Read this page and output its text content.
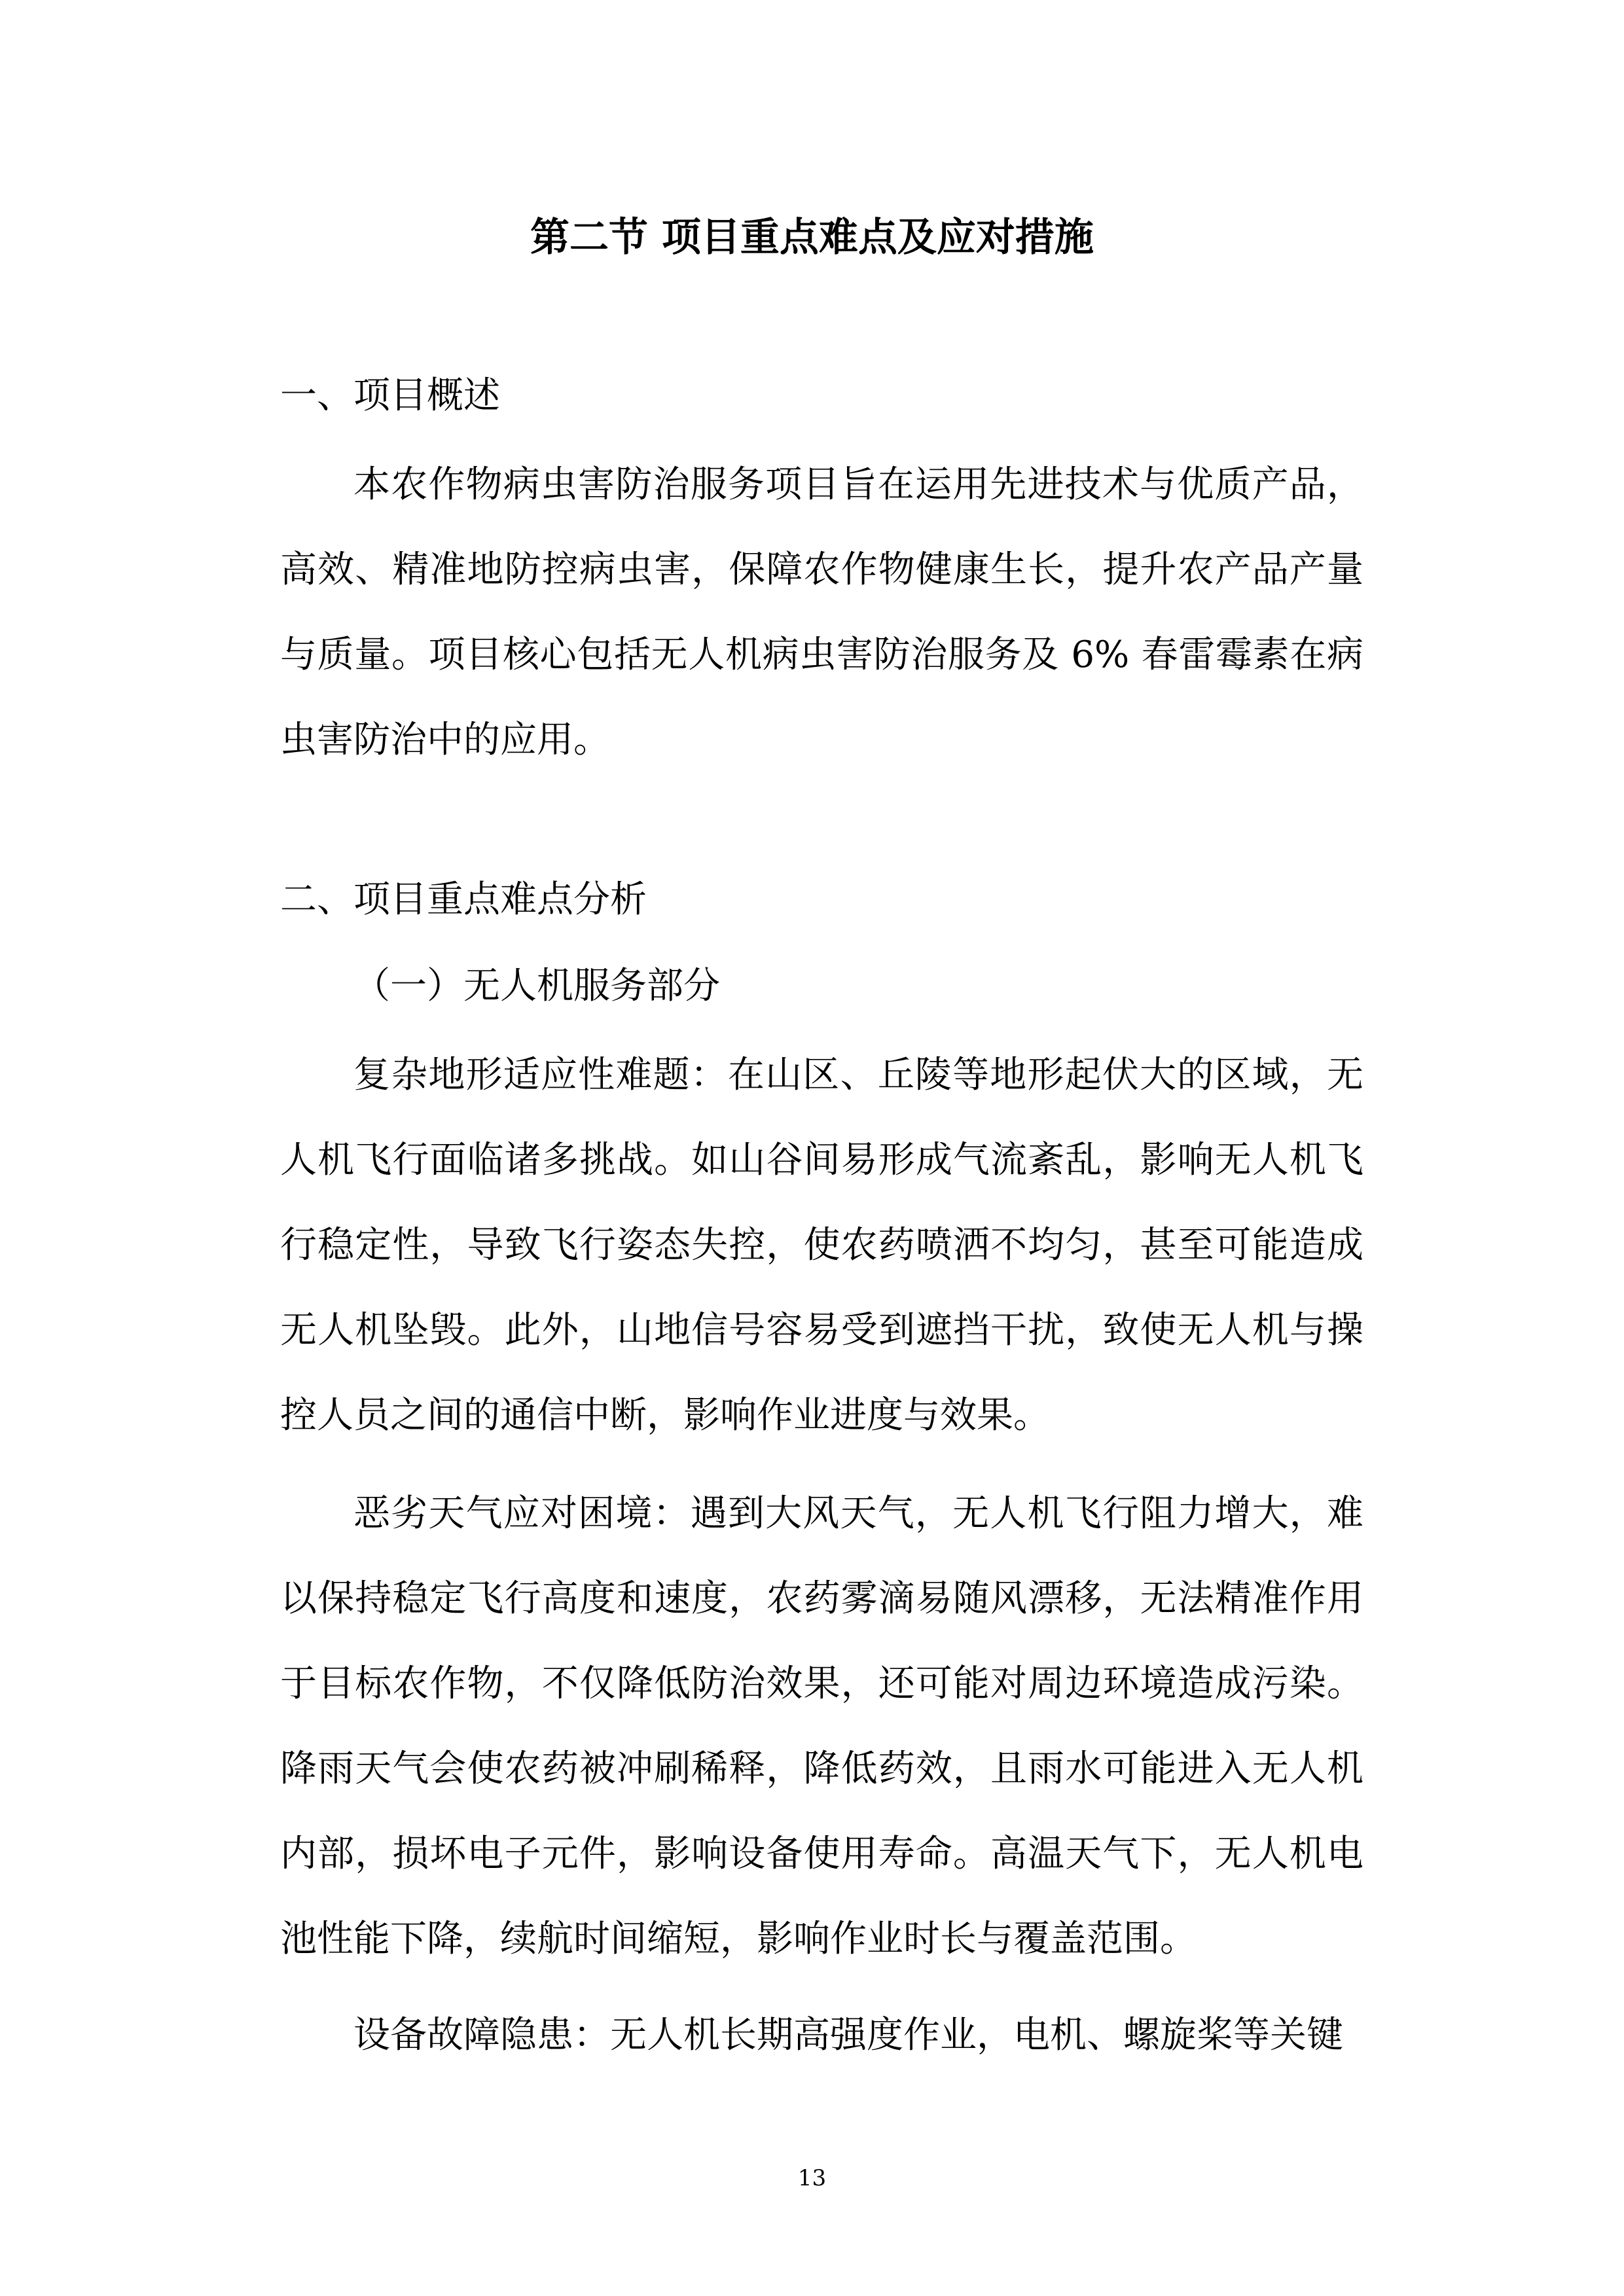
第二节 项目重点难点及应对措施
一、项目概述

本农作物病虫害防治服务项目旨在运用先进技术与优质产品，高效、精准地防控病虫害，保障农作物健康生长，提升农产品产量与质量。项目核心包括无人机病虫害防治服务及 6% 春雷霉素在病虫害防治中的应用。

二、项目重点难点分析
（一）无人机服务部分

复杂地形适应性难题：在山区、丘陵等地形起伏大的区域，无人机飞行面临诸多挑战。如山谷间易形成气流紊乱，影响无人机飞行稳定性，导致飞行姿态失控，使农药喷洒不均匀，甚至可能造成无人机坠毁。此外，山地信号容易受到遮挡干扰，致使无人机与操控人员之间的通信中断，影响作业进度与效果。

恶劣天气应对困境：遇到大风天气，无人机飞行阻力增大，难以保持稳定飞行高度和速度，农药雾滴易随风漂移，无法精准作用于目标农作物，不仅降低防治效果，还可能对周边环境造成污染。降雨天气会使农药被冲刷稀释，降低药效，且雨水可能进入无人机内部，损坏电子元件，影响设备使用寿命。高温天气下，无人机电池性能下降，续航时间缩短，影响作业时长与覆盖范围。

设备故障隐患：无人机长期高强度作业，电机、螺旋桨等关键

13
